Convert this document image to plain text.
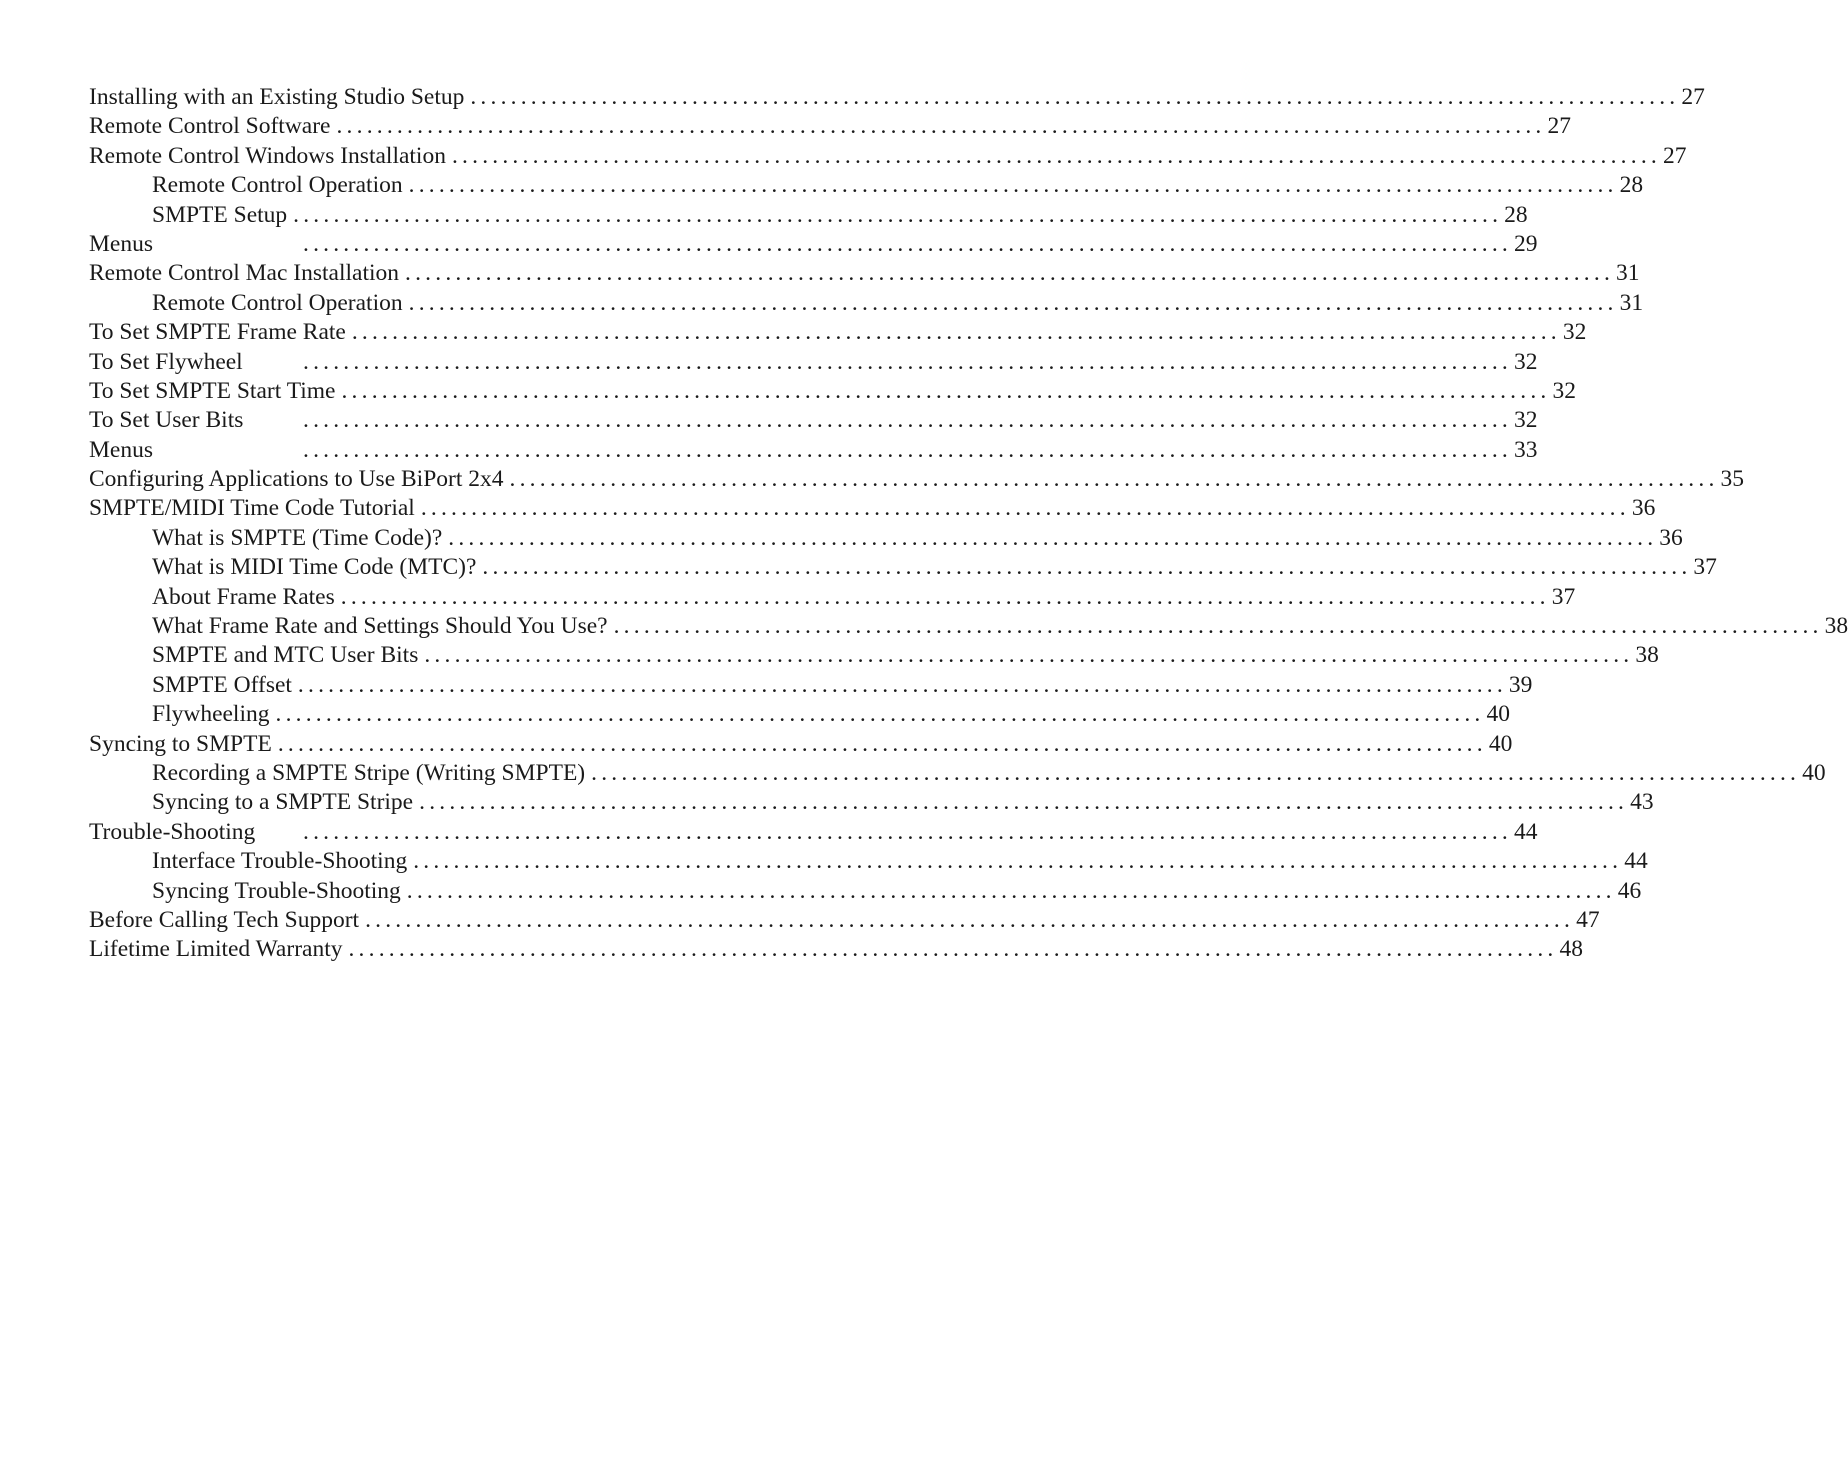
Installing with an Existing Studio Setup ........................................................................................................................ 27
Remote Control Software ........................................................................................................................ 27
Remote Control Windows Installation ........................................................................................................................ 27
Remote Control Operation ........................................................................................................................ 28
SMPTE Setup ........................................................................................................................ 28
Menus	........................................................................................................................ 29
Remote Control Mac Installation ........................................................................................................................ 31
Remote Control Operation ........................................................................................................................ 31
To Set SMPTE Frame Rate ........................................................................................................................ 32
To Set Flywheel	........................................................................................................................ 32
To Set SMPTE Start Time ........................................................................................................................ 32
To Set User Bits	........................................................................................................................ 32
Menus	........................................................................................................................ 33
Configuring Applications to Use BiPort 2x4 ........................................................................................................................ 35
SMPTE/MIDI Time Code Tutorial ........................................................................................................................ 36
What is SMPTE (Time Code)? ........................................................................................................................ 36
What is MIDI Time Code (MTC)? ........................................................................................................................ 37
About Frame Rates ........................................................................................................................ 37
What Frame Rate and Settings Should You Use? ........................................................................................................................ 38
SMPTE and MTC User Bits ........................................................................................................................ 38
SMPTE Offset ........................................................................................................................ 39
Flywheeling ........................................................................................................................ 40
Syncing to SMPTE ........................................................................................................................ 40
Recording a SMPTE Stripe (Writing SMPTE) ........................................................................................................................ 40
Syncing to a SMPTE Stripe ........................................................................................................................ 43
Trouble-Shooting	........................................................................................................................ 44
Interface Trouble-Shooting ........................................................................................................................ 44
Syncing Trouble-Shooting ........................................................................................................................ 46
Before Calling Tech Support ........................................................................................................................ 47
Lifetime Limited Warranty ........................................................................................................................ 48
